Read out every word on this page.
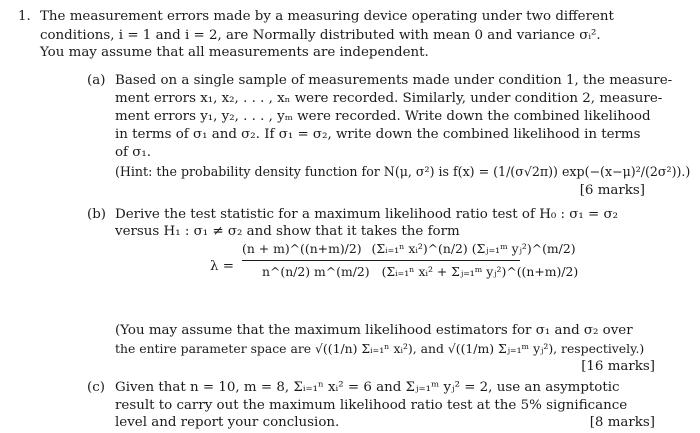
1. The measurement errors made by a measuring device operating under two different
conditions, i = 1 and i = 2, are Normally distributed with mean 0 and variance σᵢ².
You may assume that all measurements are independent.
(a) Based on a single sample of measurements made under condition 1, the measure-
ment errors x₁, x₂, . . . , xₙ were recorded. Similarly, under condition 2, measure-
ment errors y₁, y₂, . . . , yₘ were recorded. Write down the combined likelihood
in terms of σ₁ and σ₂. If σ₁ = σ₂, write down the combined likelihood in terms
of σ₁.
(Hint: the probability density function for N(μ, σ²) is f(x) = (1/(σ√2π)) exp(−(x−μ)²/(2σ²)).)
[6 marks]
(b) Derive the test statistic for a maximum likelihood ratio test of H₀ : σ₁ = σ₂
versus H₁ : σ₁ ≠ σ₂ and show that it takes the form
λ =
(n + m)^((n+m)/2) (Σᵢ₌₁ⁿ xᵢ²)^(n/2) (Σⱼ₌₁ᵐ yⱼ²)^(m/2)
n^(n/2) m^(m/2) (Σᵢ₌₁ⁿ xᵢ² + Σⱼ₌₁ᵐ yⱼ²)^((n+m)/2)
(You may assume that the maximum likelihood estimators for σ₁ and σ₂ over
the entire parameter space are √((1/n) Σᵢ₌₁ⁿ xᵢ²), and √((1/m) Σⱼ₌₁ᵐ yⱼ²), respectively.)
[16 marks]
(c) Given that n = 10, m = 8, Σᵢ₌₁ⁿ xᵢ² = 6 and Σⱼ₌₁ᵐ yⱼ² = 2, use an asymptotic
result to carry out the maximum likelihood ratio test at the 5% significance
level and report your conclusion.	[8 marks]
